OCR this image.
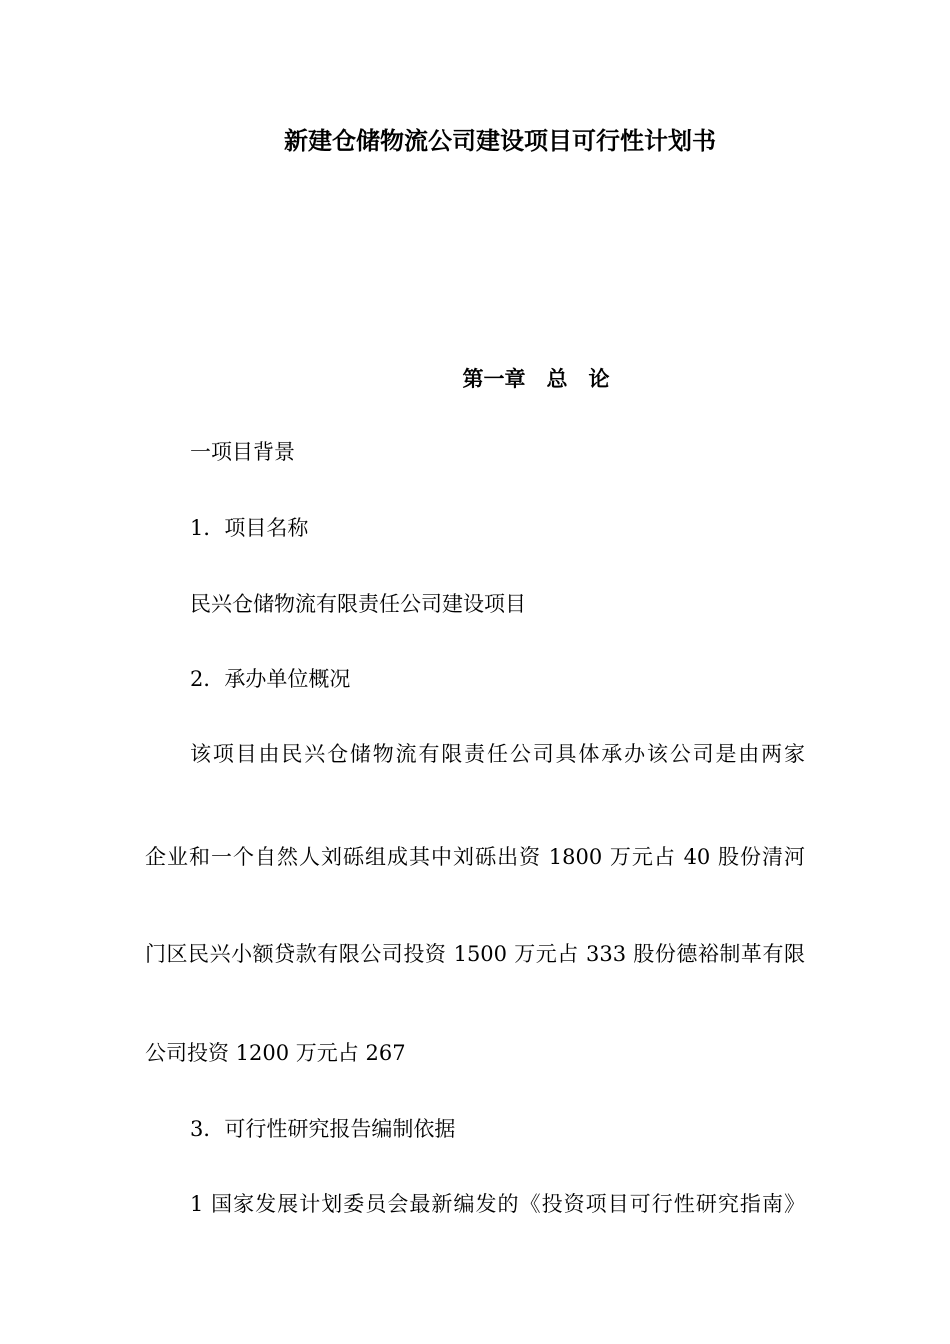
新建仓储物流公司建设项目可行性计划书
第一章　总　论

一项目背景

1．项目名称

民兴仓储物流有限责任公司建设项目

2．承办单位概况

该项目由民兴仓储物流有限责任公司具体承办该公司是由两家

企业和一个自然人刘砾组成其中刘砾出资 1800 万元占 40 股份清河

门区民兴小额贷款有限公司投资 1500 万元占 333 股份德裕制革有限

公司投资 1200 万元占 267

3．可行性研究报告编制依据

1 国家发展计划委员会最新编发的《投资项目可行性研究指南》
